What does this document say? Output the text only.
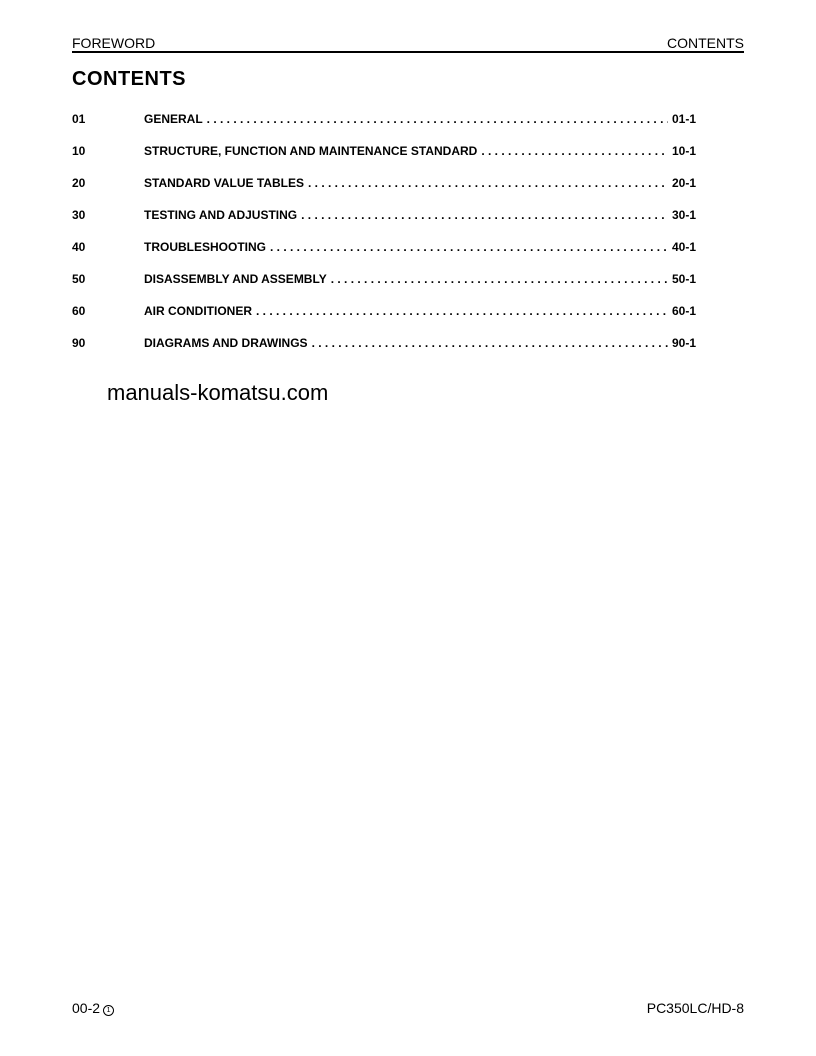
FOREWORD	CONTENTS
CONTENTS
01	GENERAL . . .	01-1
10	STRUCTURE, FUNCTION AND MAINTENANCE STANDARD . . .	10-1
20	STANDARD VALUE TABLES . . .	20-1
30	TESTING AND ADJUSTING . . .	30-1
40	TROUBLESHOOTING . . .	40-1
50	DISASSEMBLY AND ASSEMBLY . . .	50-1
60	AIR CONDITIONER . . .	60-1
90	DIAGRAMS AND DRAWINGS . . .	90-1
manuals-komatsu.com
00-2 1	PC350LC/HD-8
